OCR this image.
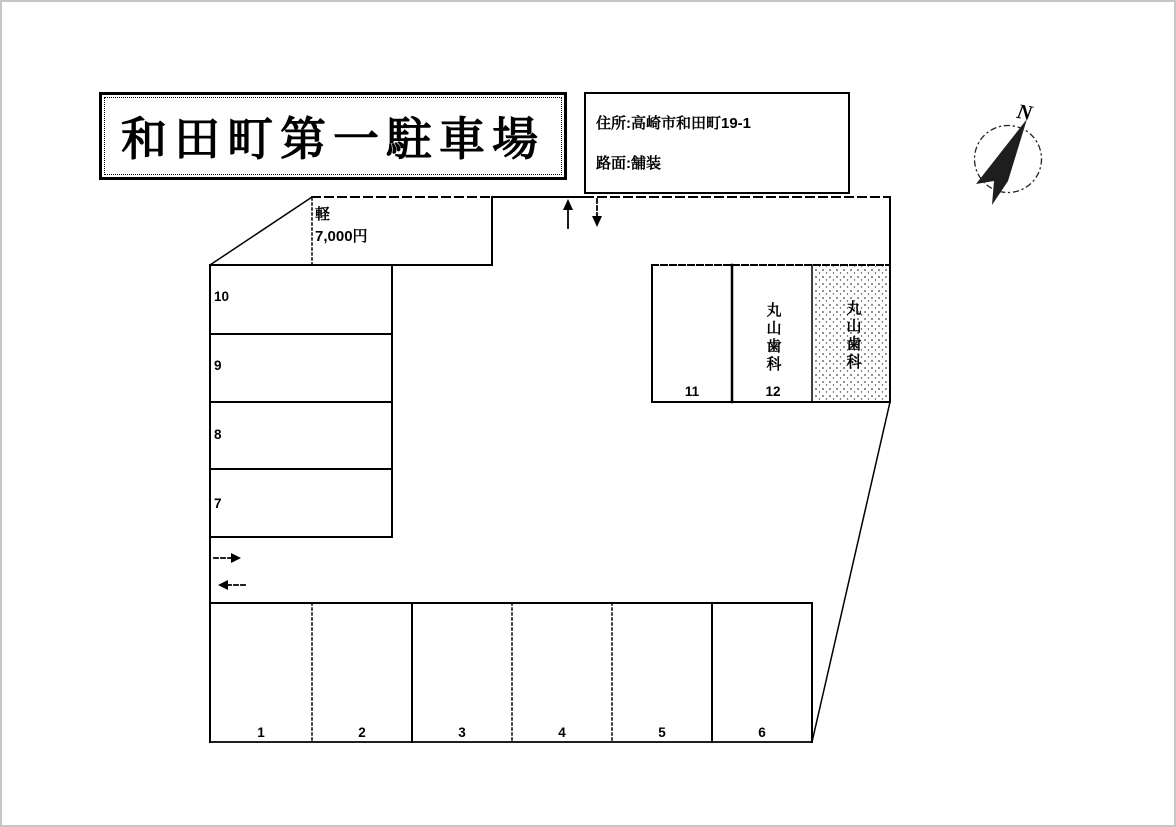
和田町第一駐車場	住所:高崎市和田町19-1
路面:舗装
軽
7,000円
N
10
9
8
7
1	2	3	4	5	6
11	12
丸山歯科	丸山歯科
